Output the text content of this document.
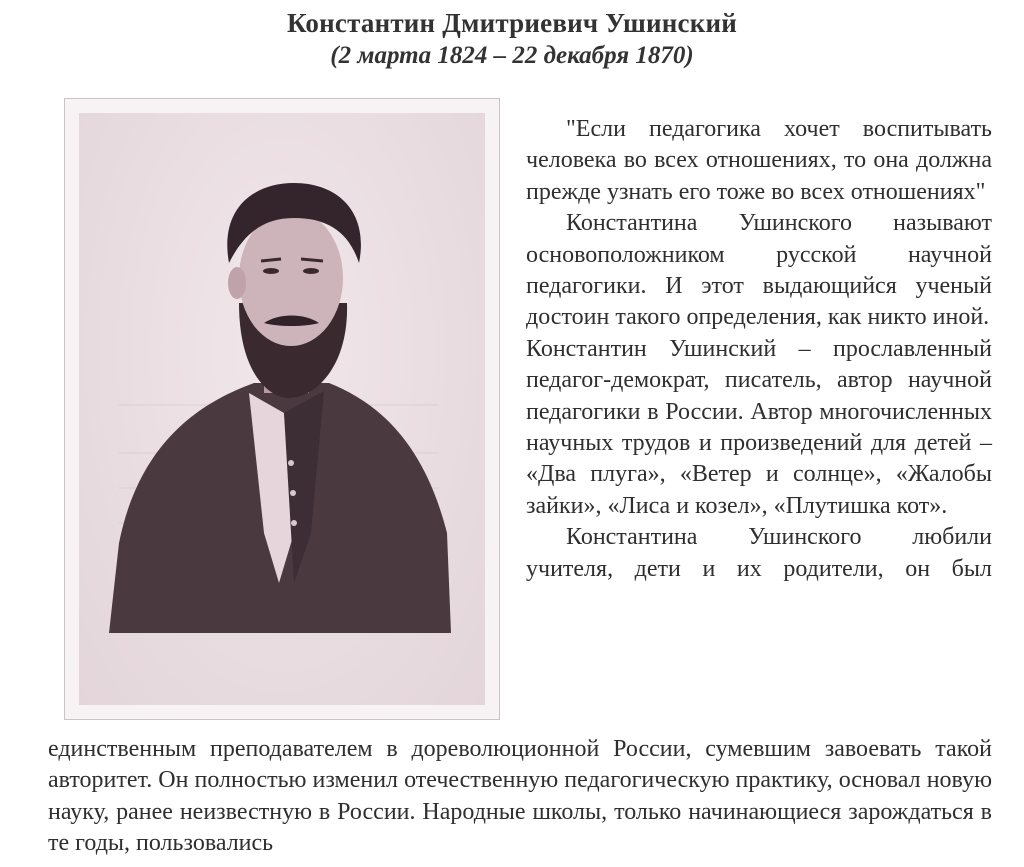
Константин Дмитриевич Ушинский
(2 марта 1824 – 22 декабря 1870)

"Если педагогика хочет воспитывать человека во всех отношениях, то она должна прежде узнать его тоже во всех отношениях"

Константина Ушинского называют основоположником русской научной педагогики. И этот выдающийся ученый достоин такого определения, как никто иной.

Константин Ушинский – прославленный педагог-демократ, писатель, автор научной педагогики в России. Автор многочисленных научных трудов и произведений для детей – «Два плуга», «Ветер и солнце», «Жалобы зайки», «Лиса и козел», «Плутишка кот».

Константина Ушинского любили учителя, дети и их родители, он был

единственным преподавателем в дореволюционной России, сумевшим завоевать такой авторитет. Он полностью изменил отечественную педагогическую практику, основал новую науку, ранее неизвестную в России. Народные школы, только начинающиеся зарождаться в те годы, пользовались
